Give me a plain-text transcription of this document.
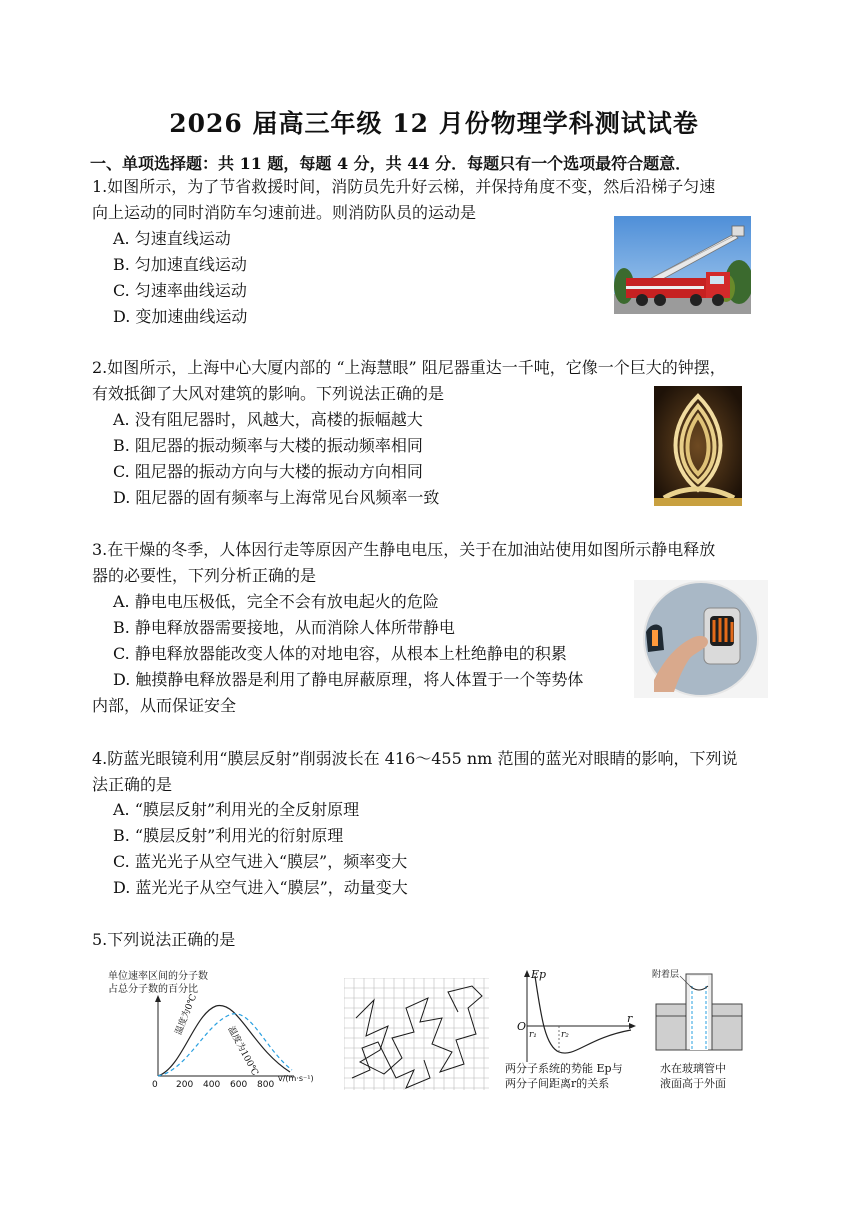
2026 届高三年级 12 月份物理学科测试试卷
一、单项选择题：共 11 题，每题 4 分，共 44 分．每题只有一个选项最符合题意．
1.如图所示，为了节省救援时间，消防员先升好云梯，并保持角度不变，然后沿梯子匀速
向上运动的同时消防车匀速前进。则消防队员的运动是
A. 匀速直线运动
B. 匀加速直线运动
C. 匀速率曲线运动
D. 变加速曲线运动
2.如图所示，上海中心大厦内部的 “上海慧眼” 阻尼器重达一千吨，它像一个巨大的钟摆，
有效抵御了大风对建筑的影响。下列说法正确的是
A. 没有阻尼器时，风越大，高楼的振幅越大
B. 阻尼器的振动频率与大楼的振动频率相同
C. 阻尼器的振动方向与大楼的振动方向相同
D. 阻尼器的固有频率与上海常见台风频率一致
3.在干燥的冬季，人体因行走等原因产生静电电压，关于在加油站使用如图所示静电释放
器的必要性，下列分析正确的是
A. 静电电压极低，完全不会有放电起火的危险
B. 静电释放器需要接地，从而消除人体所带静电
C. 静电释放器能改变人体的对地电容，从根本上杜绝静电的积累
D. 触摸静电释放器是利用了静电屏蔽原理，将人体置于一个等势体
内部，从而保证安全
4.防蓝光眼镜利用“膜层反射”削弱波长在 416～455 nm 范围的蓝光对眼睛的影响，下列说
法正确的是
A. “膜层反射”利用光的全反射原理
B. “膜层反射”利用光的衍射原理
C. 蓝光光子从空气进入“膜层”，频率变大
D. 蓝光光子从空气进入“膜层”，动量变大
5.下列说法正确的是
单位速率区间的分子数
占总分子数的百分比
0 200 400 600 800
v/(m·s⁻¹)
温度为0℃
温度为100℃
Ep
O
r₁	r₂
r
两分子系统的势能 Ep与
两分子间距离r的关系
附着层
水在玻璃管中
液面高于外面
